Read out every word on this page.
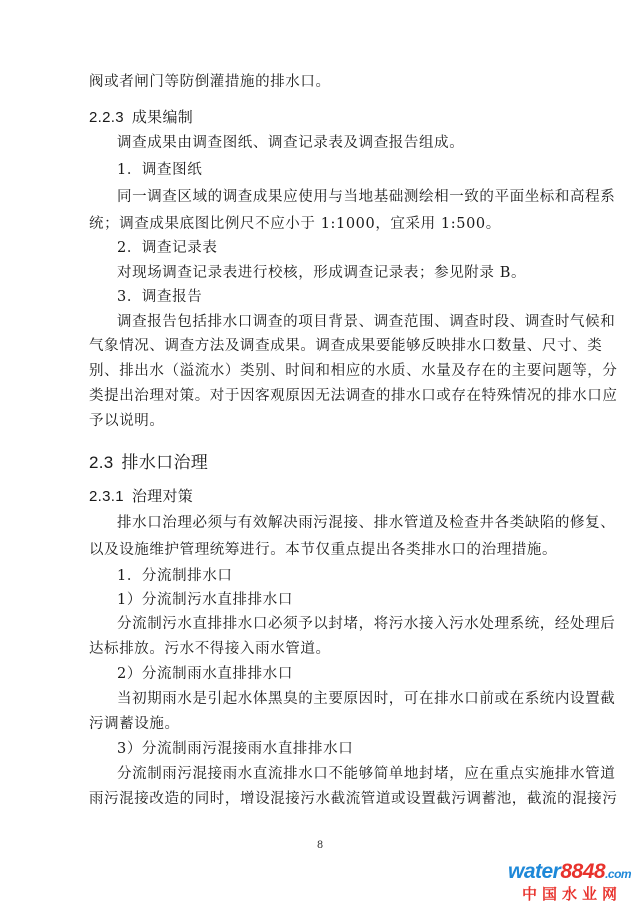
阀或者闸门等防倒灌措施的排水口。
2.2.3 成果编制
调查成果由调查图纸、调查记录表及调查报告组成。
1．调查图纸
同一调查区域的调查成果应使用与当地基础测绘相一致的平面坐标和高程系
统；调查成果底图比例尺不应小于 1:1000，宜采用 1:500。
2．调查记录表
对现场调查记录表进行校核，形成调查记录表；参见附录 B。
3．调查报告
调查报告包括排水口调查的项目背景、调查范围、调查时段、调查时气候和
气象情况、调查方法及调查成果。调查成果要能够反映排水口数量、尺寸、类
别、排出水（溢流水）类别、时间和相应的水质、水量及存在的主要问题等，分
类提出治理对策。对于因客观原因无法调查的排水口或存在特殊情况的排水口应
予以说明。
2.3 排水口治理
2.3.1 治理对策
排水口治理必须与有效解决雨污混接、排水管道及检查井各类缺陷的修复、
以及设施维护管理统筹进行。本节仅重点提出各类排水口的治理措施。
1．分流制排水口
1）分流制污水直排排水口
分流制污水直排排水口必须予以封堵，将污水接入污水处理系统，经处理后
达标排放。污水不得接入雨水管道。
2）分流制雨水直排排水口
当初期雨水是引起水体黑臭的主要原因时，可在排水口前或在系统内设置截
污调蓄设施。
3）分流制雨污混接雨水直排排水口
分流制雨污混接雨水直流排水口不能够简单地封堵，应在重点实施排水管道
雨污混接改造的同时，增设混接污水截流管道或设置截污调蓄池，截流的混接污
8
water8848.com
中国水业网
